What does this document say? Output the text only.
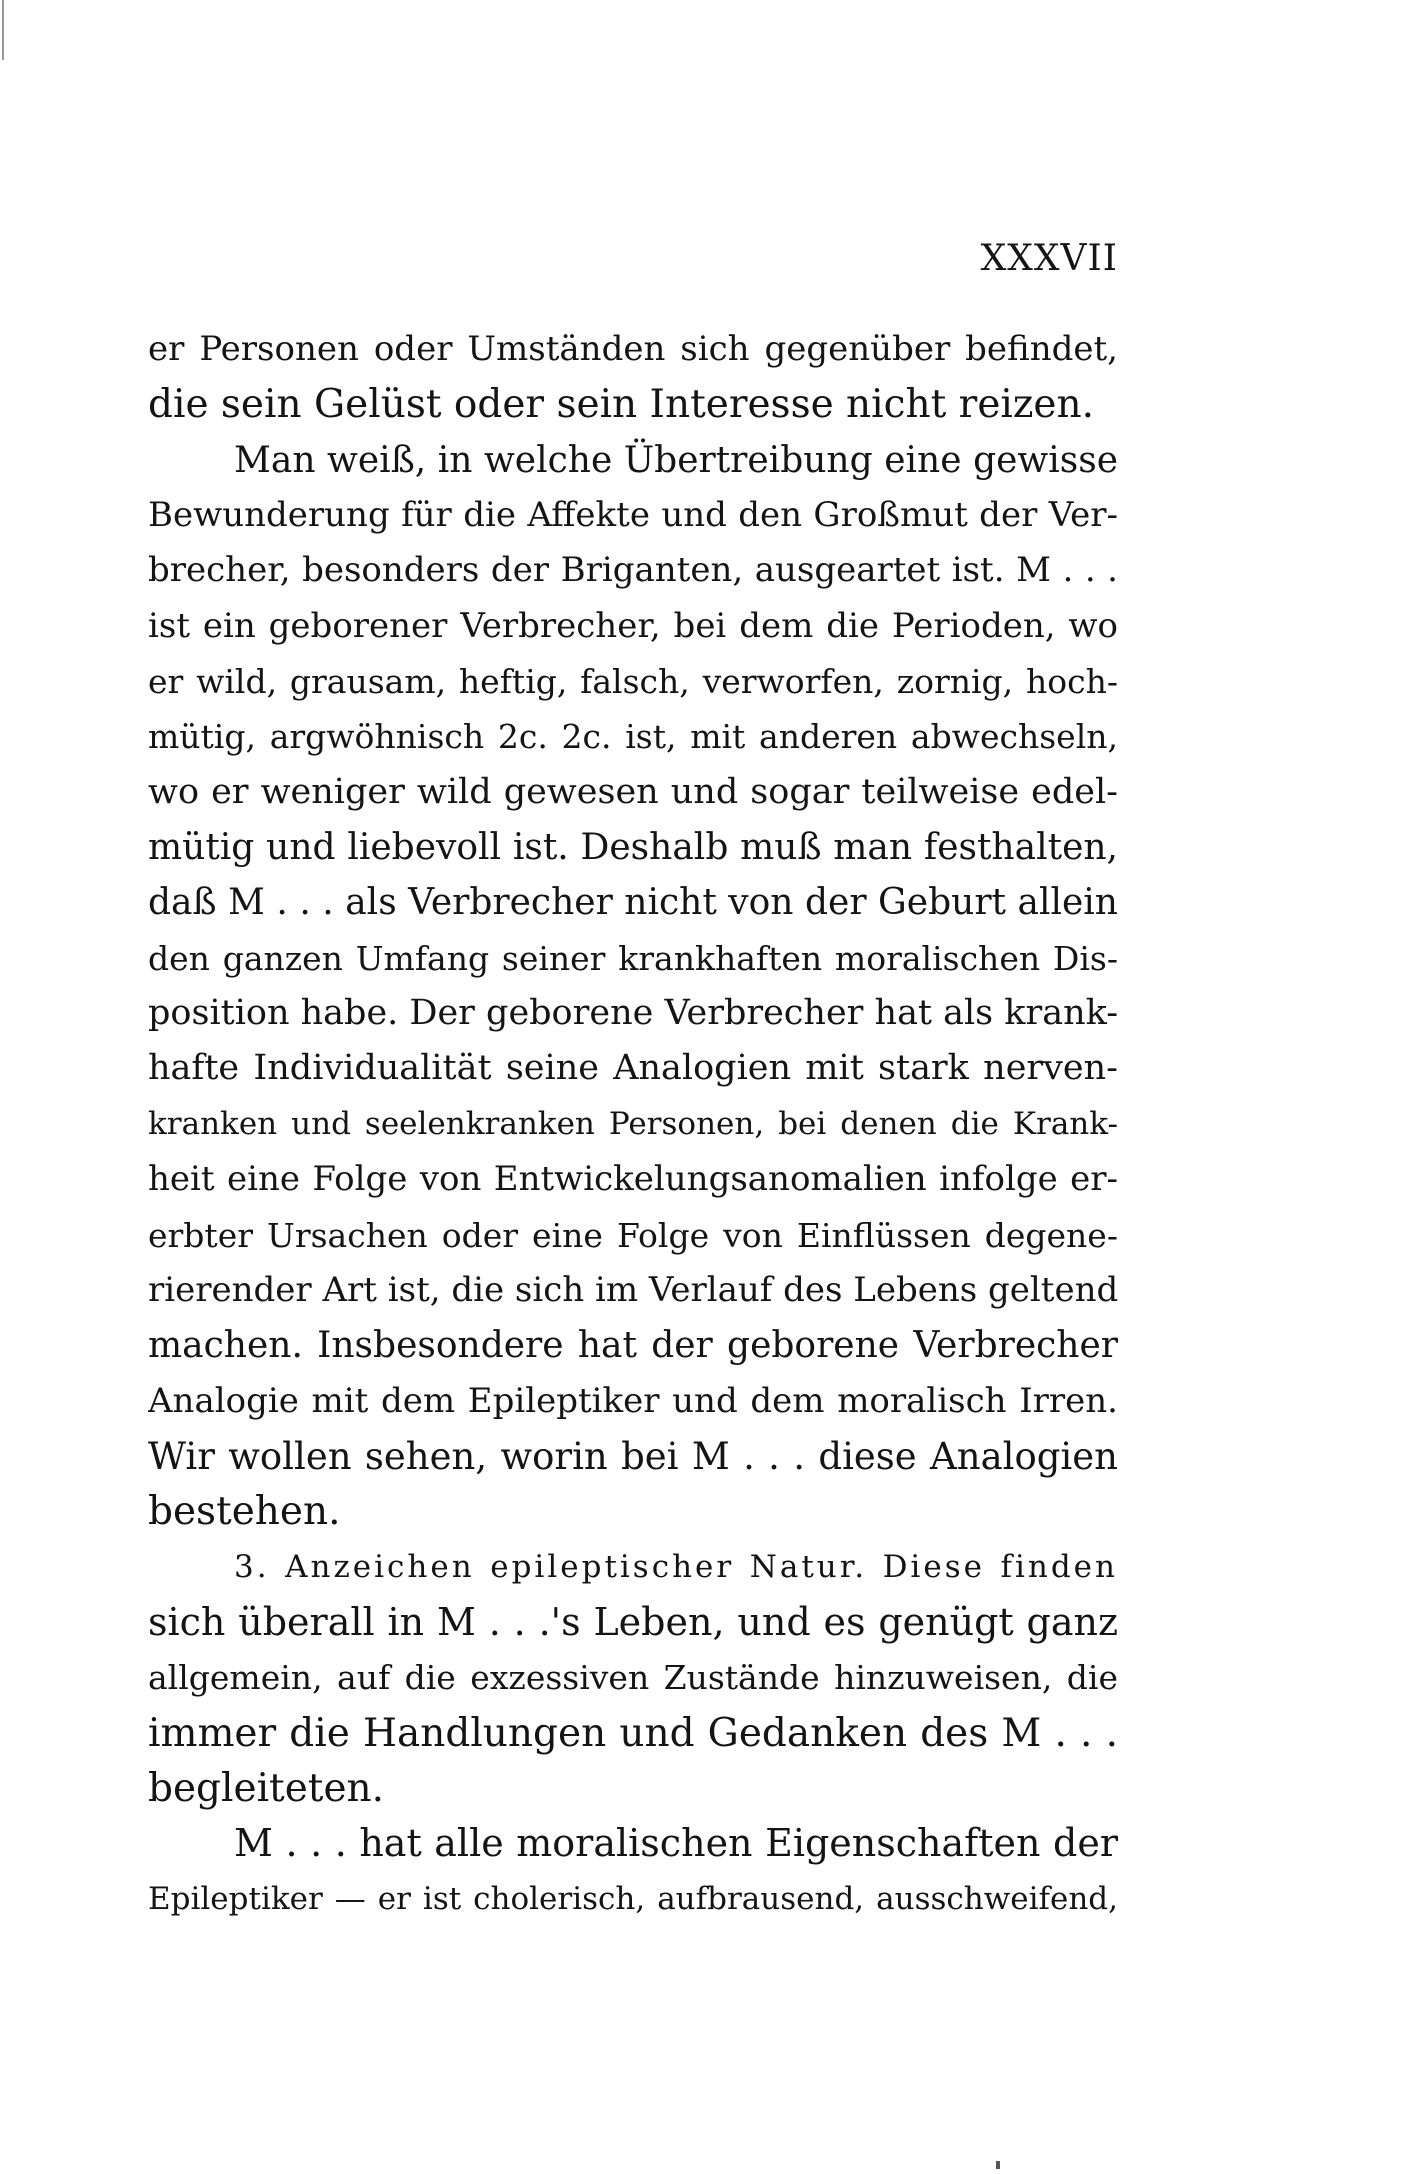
XXXVII
er Personen oder Umständen sich gegenüber befindet,
die sein Gelüst oder sein Interesse nicht reizen.
Man weiß, in welche Übertreibung eine gewisse
Bewunderung für die Affekte und den Großmut der Ver-
brecher, besonders der Briganten, ausgeartet ist. M . . .
ist ein geborener Verbrecher, bei dem die Perioden, wo
er wild, grausam, heftig, falsch, verworfen, zornig, hoch-
mütig, argwöhnisch 2c. 2c. ist, mit anderen abwechseln,
wo er weniger wild gewesen und sogar teilweise edel-
mütig und liebevoll ist. Deshalb muß man festhalten,
daß M . . . als Verbrecher nicht von der Geburt allein
den ganzen Umfang seiner krankhaften moralischen Dis-
position habe. Der geborene Verbrecher hat als krank-
hafte Individualität seine Analogien mit stark nerven-
kranken und seelenkranken Personen, bei denen die Krank-
heit eine Folge von Entwickelungsanomalien infolge er-
erbter Ursachen oder eine Folge von Einflüssen degene-
rierender Art ist, die sich im Verlauf des Lebens geltend
machen. Insbesondere hat der geborene Verbrecher
Analogie mit dem Epileptiker und dem moralisch Irren.
Wir wollen sehen, worin bei M . . . diese Analogien
bestehen.
3. Anzeichen epileptischer Natur. Diese finden
sich überall in M . . .'s Leben, und es genügt ganz
allgemein, auf die exzessiven Zustände hinzuweisen, die
immer die Handlungen und Gedanken des M . . .
begleiteten.
M . . . hat alle moralischen Eigenschaften der
Epileptiker — er ist cholerisch, aufbrausend, ausschweifend,
